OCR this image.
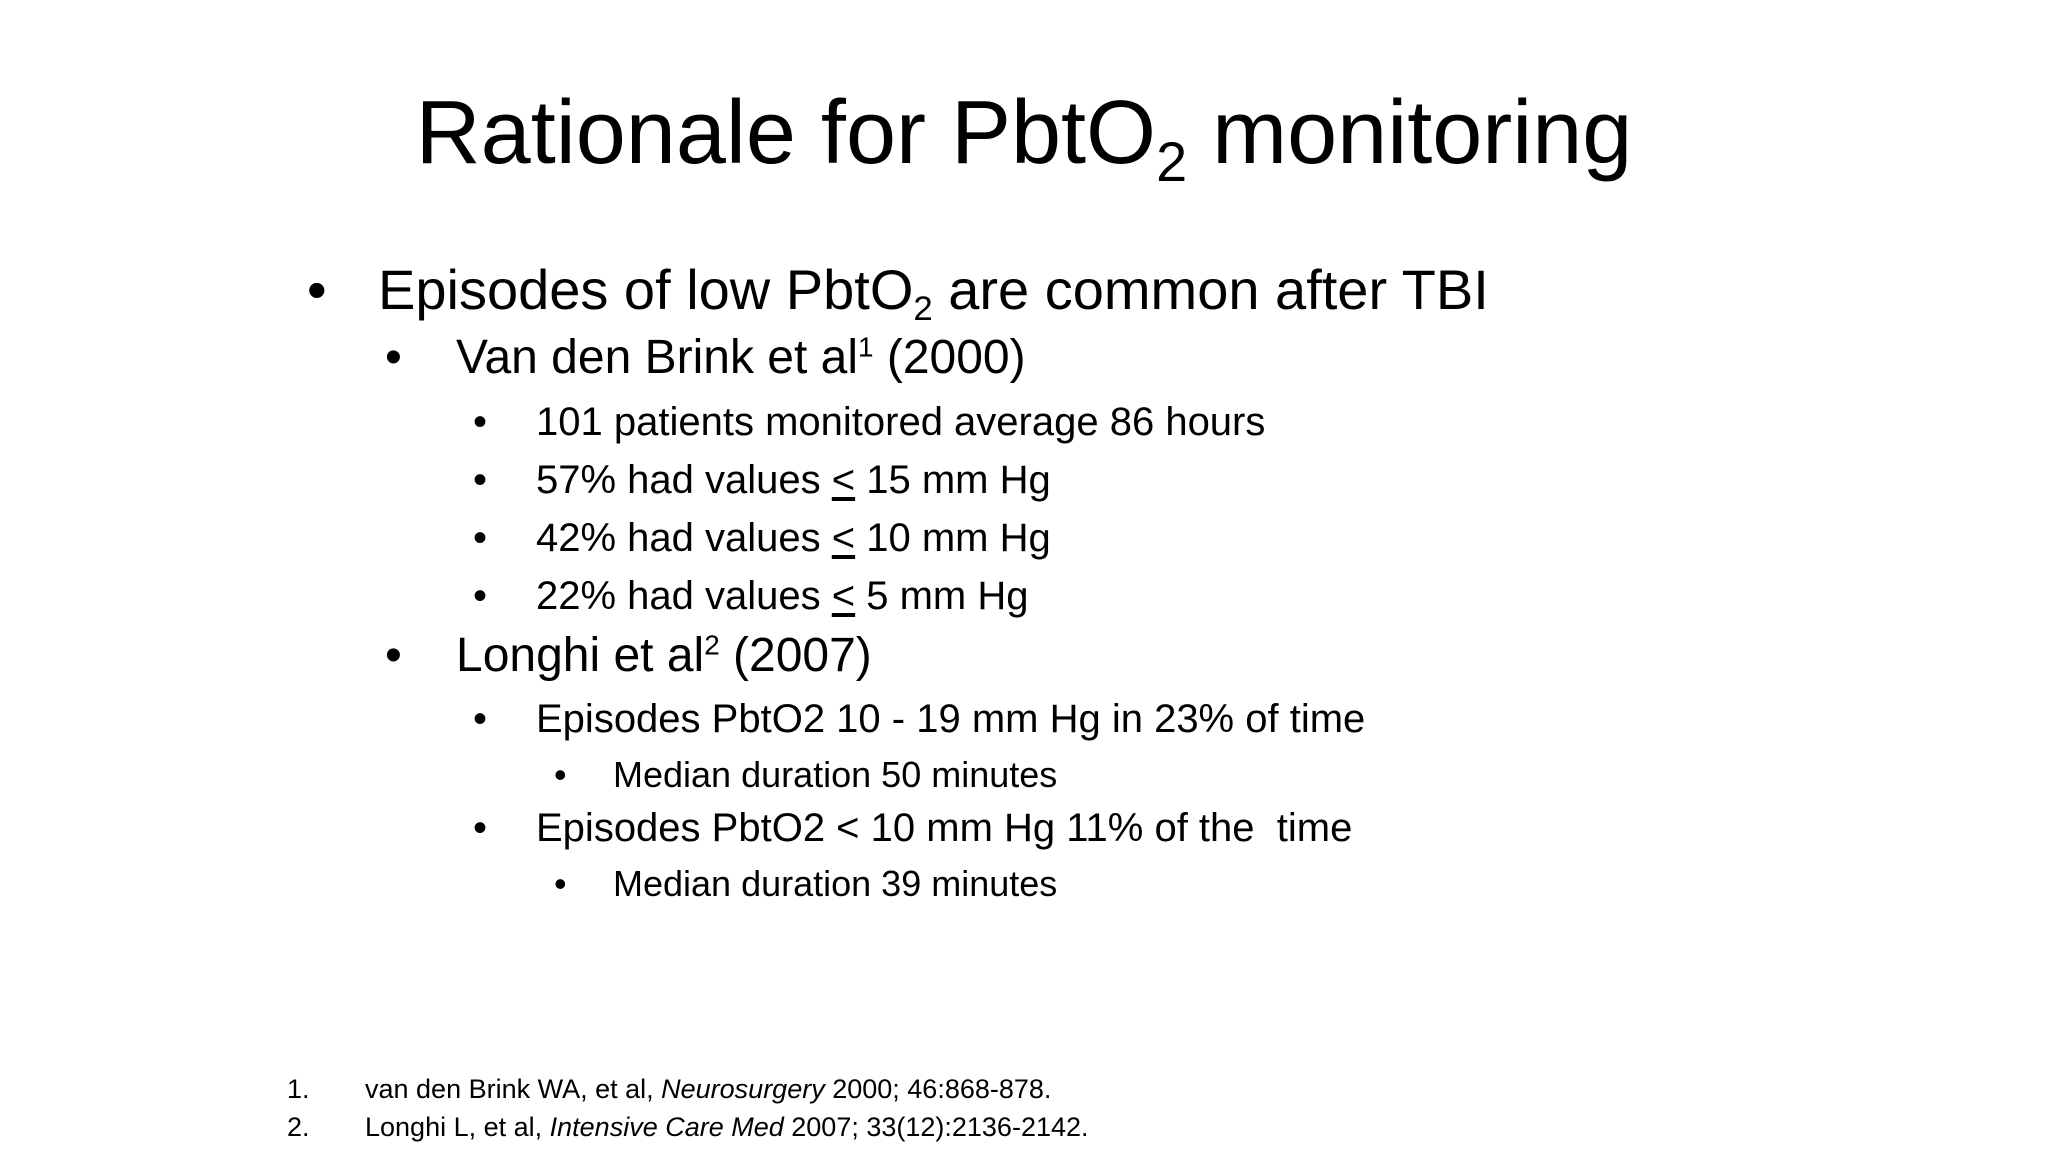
Rationale for PbtO$_2$ monitoring
• Episodes of low PbtO$_2$ are common after TBI
•	Van den Brink et $al^1$ (2000)
•	101 patients monitored average 86 hours
•	57% had values < 15 mm Hg
•	42% had values < 10 mm Hg
•	22% had values < 5 mm Hg
•	Longhi et $al^2$ (2007)
•	Episodes PbtO2 10 - 19 mm Hg in 23% of time
•	Median duration 50 minutes
•	Episodes PbtO2 < 10 mm Hg 11% of the  time
•	Median duration 39 minutes
1.	van den Brink WA, et al, Neurosurgery 2000; 46:868-878.
2.	Longhi L, et al, Intensive Care Med 2007; 33(12):2136-2142.
